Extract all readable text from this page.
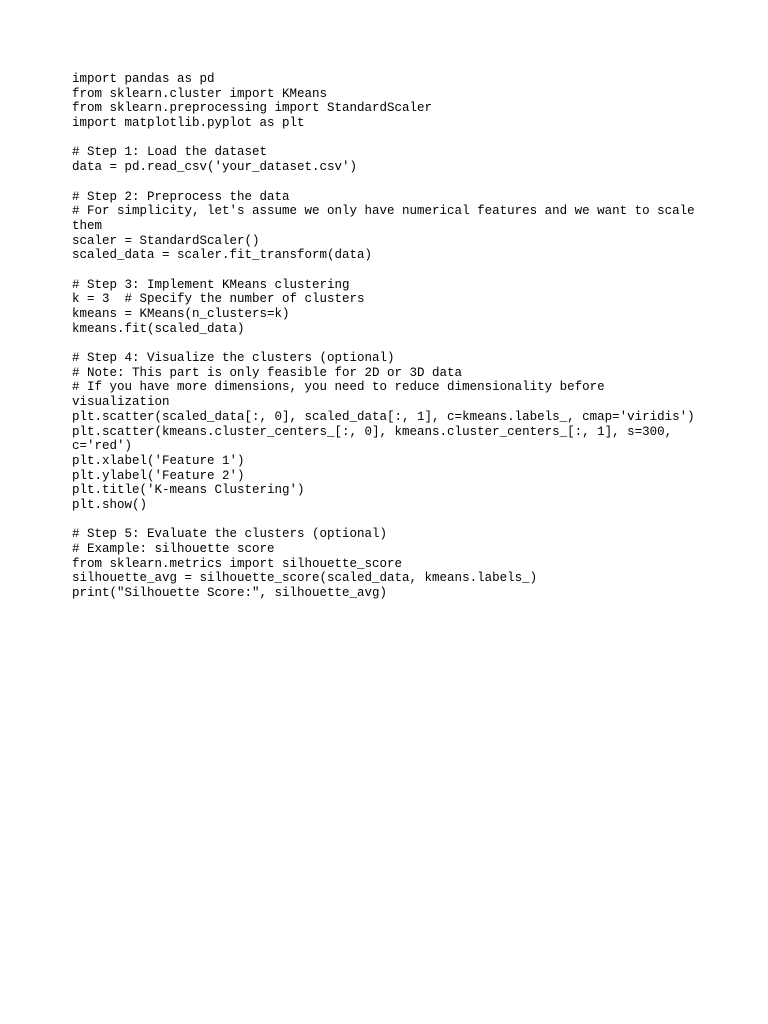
import pandas as pd
from sklearn.cluster import KMeans
from sklearn.preprocessing import StandardScaler
import matplotlib.pyplot as plt
# Step 1: Load the dataset
data = pd.read_csv('your_dataset.csv')
# Step 2: Preprocess the data
# For simplicity, let's assume we only have numerical features and we want to scale
them
scaler = StandardScaler()
scaled_data = scaler.fit_transform(data)
# Step 3: Implement KMeans clustering
k = 3  # Specify the number of clusters
kmeans = KMeans(n_clusters=k)
kmeans.fit(scaled_data)
# Step 4: Visualize the clusters (optional)
# Note: This part is only feasible for 2D or 3D data
# If you have more dimensions, you need to reduce dimensionality before
visualization
plt.scatter(scaled_data[:, 0], scaled_data[:, 1], c=kmeans.labels_, cmap='viridis')
plt.scatter(kmeans.cluster_centers_[:, 0], kmeans.cluster_centers_[:, 1], s=300,
c='red')
plt.xlabel('Feature 1')
plt.ylabel('Feature 2')
plt.title('K-means Clustering')
plt.show()
# Step 5: Evaluate the clusters (optional)
# Example: silhouette score
from sklearn.metrics import silhouette_score
silhouette_avg = silhouette_score(scaled_data, kmeans.labels_)
print("Silhouette Score:", silhouette_avg)
